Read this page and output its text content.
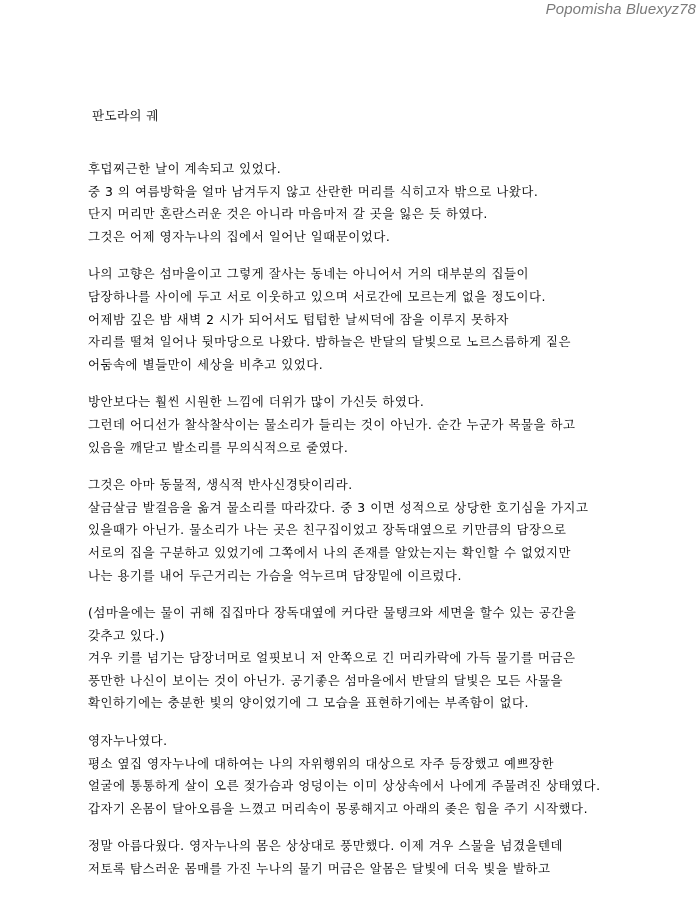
Popomisha Bluexyz78
판도라의 궤
후덥찌근한 날이 계속되고 있었다.
중 3 의 여름방학을 얼마 남겨두지 않고 산란한 머리를 식히고자 밖으로 나왔다.
단지 머리만 혼란스러운 것은 아니라 마음마저 갈 곳을 잃은 듯 하였다.
그것은 어제 영자누나의 집에서 일어난 일때문이었다.
나의 고향은 섬마을이고 그렇게 잘사는 동네는 아니어서 거의 대부분의 집들이
담장하나를 사이에 두고 서로 이웃하고 있으며 서로간에 모르는게 없을 정도이다.
어제밤 깊은 밤 새벽 2 시가 되어서도 텁텁한 날씨덕에 잠을 이루지 못하자
자리를 떨쳐 일어나 뒷마당으로 나왔다. 밤하늘은 반달의 달빛으로 노르스름하게 짙은
어둠속에 별들만이 세상을 비추고 있었다.
방안보다는 훨씬 시원한 느낌에 더위가 많이 가신듯 하였다.
그런데 어디선가 찰삭찰삭이는 물소리가 들리는 것이 아닌가. 순간 누군가 목물을 하고
있음을 깨닫고 발소리를 무의식적으로 줄였다.
그것은 아마 동물적, 생식적 반사신경탓이리라.
살금살금 발걸음을 옮겨 물소리를 따라갔다. 중 3 이면 성적으로 상당한 호기심을 가지고
있을때가 아닌가. 물소리가 나는 곳은 친구집이었고 장독대옆으로 키만큼의 담장으로
서로의 집을 구분하고 있었기에 그쪽에서 나의 존재를 알았는지는 확인할 수 없었지만
나는 용기를 내어 두근거리는 가슴을 억누르며 담장밑에 이르렀다.
(섬마을에는 물이 귀해 집집마다 장독대옆에 커다란 물탱크와 세면을 할수 있는 공간을
갖추고 있다.)
겨우 키를 넘기는 담장너머로 얼핏보니 저 안쪽으로 긴 머리카락에 가득 물기를 머금은
풍만한 나신이 보이는 것이 아닌가. 공기좋은 섬마을에서 반달의 달빛은 모든 사물을
확인하기에는 충분한 빛의 양이었기에 그 모습을 표현하기에는 부족함이 없다.
영자누나였다.
평소 옆집 영자누나에 대하여는 나의 자위행위의 대상으로 자주 등장했고 예쁘장한
얼굴에 통통하게 살이 오른 젖가슴과 엉덩이는 이미 상상속에서 나에게 주물려진 상태였다.
갑자기 온몸이 달아오름을 느꼈고 머리속이 몽롱해지고 아래의 좆은 힘을 주기 시작했다.
정말 아름다웠다. 영자누나의 몸은 상상대로 풍만했다. 이제 겨우 스물을 넘겼을텐데
저토록 탐스러운 몸매를 가진 누나의 물기 머금은 알몸은 달빛에 더욱 빛을 발하고
